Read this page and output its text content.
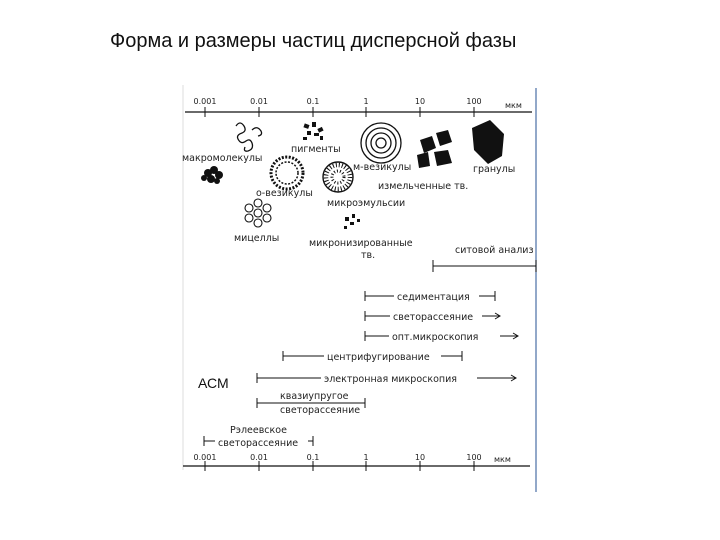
Форма и размеры частиц дисперсной фазы
0.001	0.01	0.1	1	10	100	мкм
макромолекулы
пигменты
м-везикулы	гранулы
измельченные тв.
о-везикулы
микроэмульсии
мицеллы	микронизированные
тв.	ситовой анализ
седиментация
светорассеяние
опт.микроскопия
центрифугирование
электронная микроскопия
квазиупругое
светорассеяние
Рэлеевское
светорассеяние
АСМ
0.001	0.01	0.1	1	10	100 мкм
